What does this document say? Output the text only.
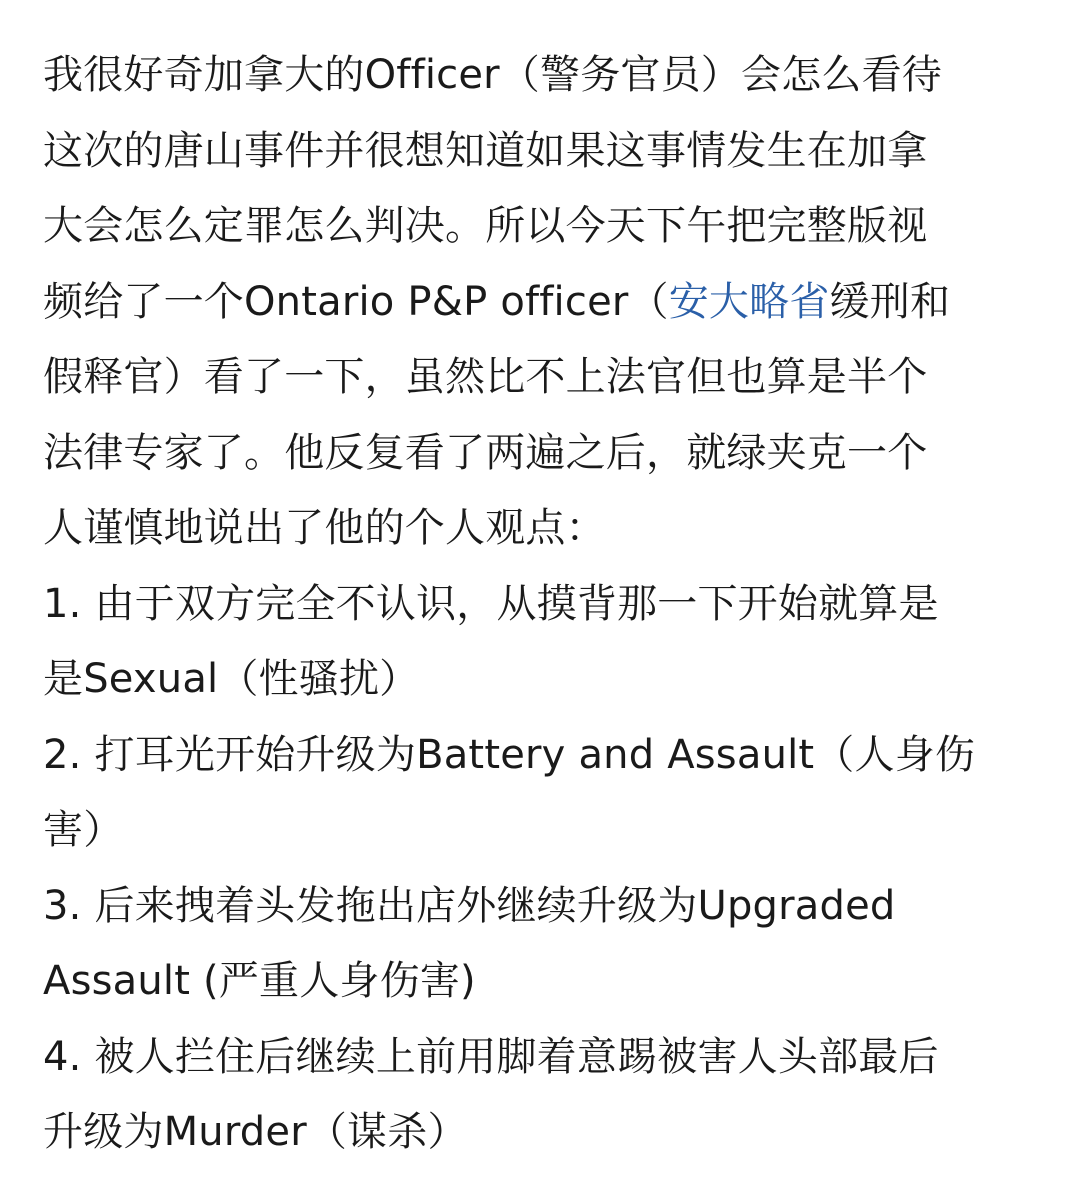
我很好奇加拿大的Officer（警务官员）会怎么看待
这次的唐山事件并很想知道如果这事情发生在加拿
大会怎么定罪怎么判决。所以今天下午把完整版视
频给了一个Ontario P&P officer（安大略省缓刑和
假释官）看了一下，虽然比不上法官但也算是半个
法律专家了。他反复看了两遍之后，就绿夹克一个
人谨慎地说出了他的个人观点：

1. 由于双方完全不认识，从摸背那一下开始就算是
是Sexual（性骚扰）
2. 打耳光开始升级为Battery and Assault（人身伤
害）
3. 后来拽着头发拖出店外继续升级为Upgraded
Assault (严重人身伤害)
4. 被人拦住后继续上前用脚着意踢被害人头部最后
升级为Murder（谋杀）
